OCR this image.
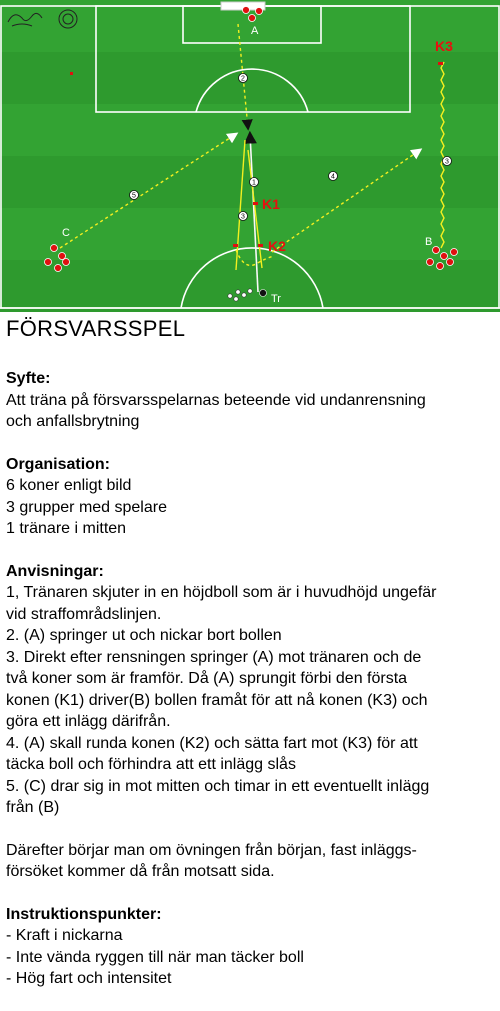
1
2
3
3
4
5	K1
K2
K3
A
C
B
Tr
FÖRSVARSSPEL
Syfte:

Att träna på försvarsspelarnas beteende vid undanrensning

och anfallsbrytning

Organisation:

6 koner enligt bild

3 grupper med spelare

1 tränare i mitten

Anvisningar:

1, Tränaren skjuter in en höjdboll som är i huvudhöjd ungefär

vid straffområdslinjen.

2. (A) springer ut och nickar bort bollen

3. Direkt efter rensningen springer (A) mot tränaren och de

två koner som är framför. Då (A) sprungit förbi den första

konen (K1) driver(B) bollen framåt för att nå konen (K3) och

göra ett inlägg därifrån.

4. (A) skall runda konen (K2) och sätta fart mot (K3) för att

täcka boll och förhindra att ett inlägg slås

5. (C) drar sig in mot mitten och timar in ett eventuellt inlägg

från (B)

Därefter börjar man om övningen från början, fast inläggs-

försöket kommer då från motsatt sida.

Instruktionspunkter:

- Kraft i nickarna

- Inte vända ryggen till när man täcker boll

- Hög fart och intensitet
